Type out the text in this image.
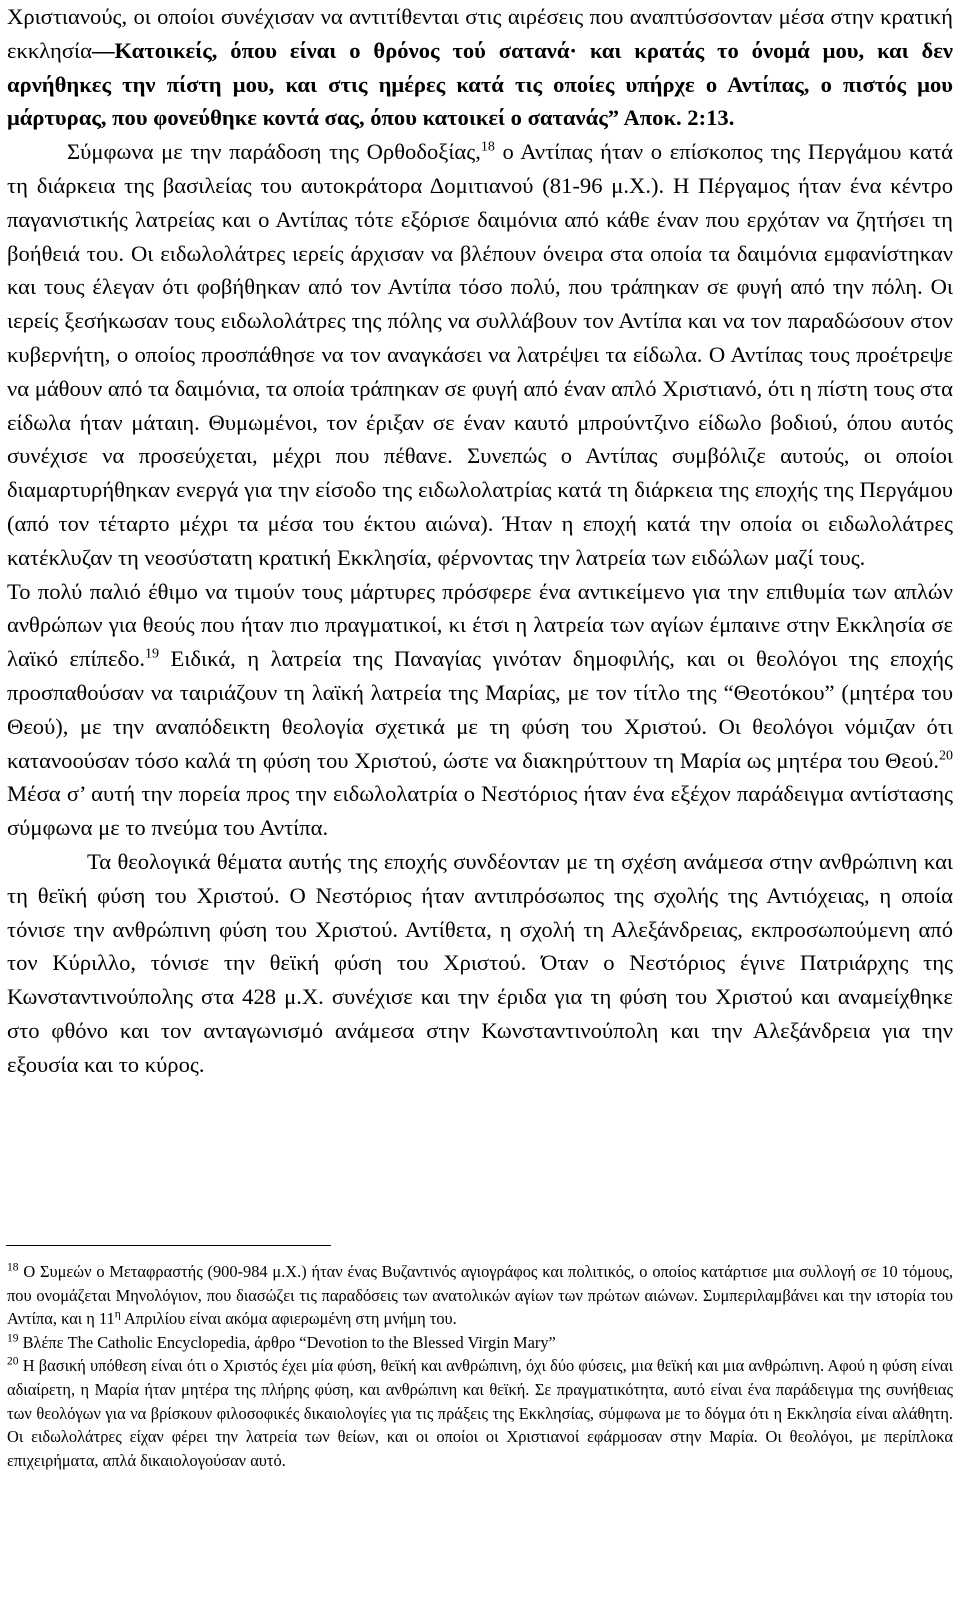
Χριστιανούς, οι οποίοι συνέχισαν να αντιτίθενται στις αιρέσεις που αναπτύσσονταν μέσα στην κρατική εκκλησία—Κατοικείς, όπου είναι ο θρόνος τού σατανά· και κρατάς το όνομά μου, και δεν αρνήθηκες την πίστη μου, και στις ημέρες κατά τις οποίες υπήρχε ο Αντίπας, ο πιστός μου μάρτυρας, που φονεύθηκε κοντά σας, όπου κατοικεί ο σατανάς” Αποκ. 2:13.

Σύμφωνα με την παράδοση της Ορθοδοξίας,$^{18}$ ο Αντίπας ήταν ο επίσκοπος της Περγάμου κατά τη διάρκεια της βασιλείας του αυτοκράτορα Δομιτιανού (81-96 μ.Χ.). Η Πέργαμος ήταν ένα κέντρο παγανιστικής λατρείας και ο Αντίπας τότε εξόρισε δαιμόνια από κάθε έναν που ερχόταν να ζητήσει τη βοήθειά του. Οι ειδωλολάτρες ιερείς άρχισαν να βλέπουν όνειρα στα οποία τα δαιμόνια εμφανίστηκαν και τους έλεγαν ότι φοβήθηκαν από τον Αντίπα τόσο πολύ, που τράπηκαν σε φυγή από την πόλη. Οι ιερείς ξεσήκωσαν τους ειδωλολάτρες της πόλης να συλλάβουν τον Αντίπα και να τον παραδώσουν στον κυβερνήτη, ο οποίος προσπάθησε να τον αναγκάσει να λατρέψει τα είδωλα. Ο Αντίπας τους προέτρεψε να μάθουν από τα δαιμόνια, τα οποία τράπηκαν σε φυγή από έναν απλό Χριστιανό, ότι η πίστη τους στα είδωλα ήταν μάταιη. Θυμωμένοι, τον έριξαν σε έναν καυτό μπρούντζινο είδωλο βοδιού, όπου αυτός συνέχισε να προσεύχεται, μέχρι που πέθανε. Συνεπώς ο Αντίπας συμβόλιζε αυτούς, οι οποίοι διαμαρτυρήθηκαν ενεργά για την είσοδο της ειδωλολατρίας κατά τη διάρκεια της εποχής της Περγάμου (από τον τέταρτο μέχρι τα μέσα του έκτου αιώνα). Ήταν η εποχή κατά την οποία οι ειδωλολάτρες κατέκλυζαν τη νεοσύστατη κρατική Εκκλησία, φέρνοντας την λατρεία των ειδώλων μαζί τους.

Το πολύ παλιό έθιμο να τιμούν τους μάρτυρες πρόσφερε ένα αντικείμενο για την επιθυμία των απλών ανθρώπων για θεούς που ήταν πιο πραγματικοί, κι έτσι η λατρεία των αγίων έμπαινε στην Εκκλησία σε λαϊκό επίπεδο.$^{19}$ Ειδικά, η λατρεία της Παναγίας γινόταν δημοφιλής, και οι θεολόγοι της εποχής προσπαθούσαν να ταιριάζουν τη λαϊκή λατρεία της Μαρίας, με τον τίτλο της “Θεοτόκου” (μητέρα του Θεού), με την αναπόδεικτη θεολογία σχετικά με τη φύση του Χριστού. Οι θεολόγοι νόμιζαν ότι κατανοούσαν τόσο καλά τη φύση του Χριστού, ώστε να διακηρύττουν τη Μαρία ως μητέρα του Θεού.$^{20}$ Μέσα σ’ αυτή την πορεία προς την ειδωλολατρία ο Νεστόριος ήταν ένα εξέχον παράδειγμα αντίστασης σύμφωνα με το πνεύμα του Αντίπα.

Τα θεολογικά θέματα αυτής της εποχής συνδέονταν με τη σχέση ανάμεσα στην ανθρώπινη και τη θεϊκή φύση του Χριστού. Ο Νεστόριος ήταν αντιπρόσωπος της σχολής της Αντιόχειας, η οποία τόνισε την ανθρώπινη φύση του Χριστού. Αντίθετα, η σχολή τη Αλεξάνδρειας, εκπροσωπούμενη από τον Κύριλλο, τόνισε την θεϊκή φύση του Χριστού. Όταν ο Νεστόριος έγινε Πατριάρχης της Κωνσταντινούπολης στα 428 μ.Χ. συνέχισε και την έριδα για τη φύση του Χριστού και αναμείχθηκε στο φθόνο και τον ανταγωνισμό ανάμεσα στην Κωνσταντινούπολη και την Αλεξάνδρεια για την εξουσία και το κύρος.

$^{18}$ Ο Συμεών ο Μεταφραστής (900-984 μ.Χ.) ήταν ένας Βυζαντινός αγιογράφος και πολιτικός, ο οποίος κατάρτισε μια συλλογή σε 10 τόμους, που ονομάζεται Μηνολόγιον, που διασώζει τις παραδόσεις των ανατολικών αγίων των πρώτων αιώνων. Συμπεριλαμβάνει και την ιστορία του Αντίπα, και η 11$^\eta$ Απριλίου είναι ακόμα αφιερωμένη στη μνήμη του.

$^{19}$ Βλέπε The Catholic Encyclopedia, άρθρο “Devotion to the Blessed Virgin Mary”

$^{20}$ Η βασική υπόθεση είναι ότι ο Χριστός έχει μία φύση, θεϊκή και ανθρώπινη, όχι δύο φύσεις, μια θεϊκή και μια ανθρώπινη. Αφού η φύση είναι αδιαίρετη, η Μαρία ήταν μητέρα της πλήρης φύση, και ανθρώπινη και θεϊκή. Σε πραγματικότητα, αυτό είναι ένα παράδειγμα της συνήθειας των θεολόγων για να βρίσκουν φιλοσοφικές δικαιολογίες για τις πράξεις της Εκκλησίας, σύμφωνα με το δόγμα ότι η Εκκλησία είναι αλάθητη. Οι ειδωλολάτρες είχαν φέρει την λατρεία των θείων, και οι οποίοι οι Χριστιανοί εφάρμοσαν στην Μαρία. Οι θεολόγοι, με περίπλοκα επιχειρήματα, απλά δικαιολογούσαν αυτό.
